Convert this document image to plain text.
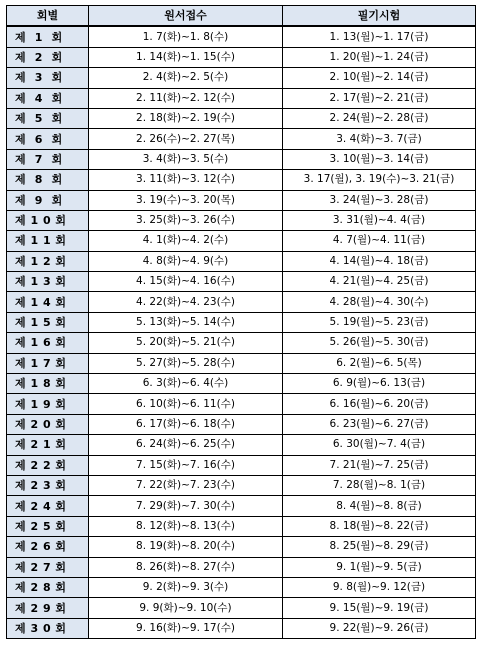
회별	원서접수	필기시험
제  1  회	1. 7(화)~1. 8(수)	1. 13(월)~1. 17(금)
제  2  회	1. 14(화)~1. 15(수)	1. 20(월)~1. 24(금)
제  3  회	2. 4(화)~2. 5(수)	2. 10(월)~2. 14(금)
제  4  회	2. 11(화)~2. 12(수)	2. 17(월)~2. 21(금)
제  5  회	2. 18(화)~2. 19(수)	2. 24(월)~2. 28(금)
제  6  회	2. 26(수)~2. 27(목)	3. 4(화)~3. 7(금)
제  7  회	3. 4(화)~3. 5(수)	3. 10(월)~3. 14(금)
제  8  회	3. 11(화)~3. 12(수)	3. 17(월), 3. 19(수)~3. 21(금)
제  9  회	3. 19(수)~3. 20(목)	3. 24(월)~3. 28(금)
제 1 0 회	3. 25(화)~3. 26(수)	3. 31(월)~4. 4(금)
제 1 1 회	4. 1(화)~4. 2(수)	4. 7(월)~4. 11(금)
제 1 2 회	4. 8(화)~4. 9(수)	4. 14(월)~4. 18(금)
제 1 3 회	4. 15(화)~4. 16(수)	4. 21(월)~4. 25(금)
제 1 4 회	4. 22(화)~4. 23(수)	4. 28(월)~4. 30(수)
제 1 5 회	5. 13(화)~5. 14(수)	5. 19(월)~5. 23(금)
제 1 6 회	5. 20(화)~5. 21(수)	5. 26(월)~5. 30(금)
제 1 7 회	5. 27(화)~5. 28(수)	6. 2(월)~6. 5(목)
제 1 8 회	6. 3(화)~6. 4(수)	6. 9(월)~6. 13(금)
제 1 9 회	6. 10(화)~6. 11(수)	6. 16(월)~6. 20(금)
제 2 0 회	6. 17(화)~6. 18(수)	6. 23(월)~6. 27(금)
제 2 1 회	6. 24(화)~6. 25(수)	6. 30(월)~7. 4(금)
제 2 2 회	7. 15(화)~7. 16(수)	7. 21(월)~7. 25(금)
제 2 3 회	7. 22(화)~7. 23(수)	7. 28(월)~8. 1(금)
제 2 4 회	7. 29(화)~7. 30(수)	8. 4(월)~8. 8(금)
제 2 5 회	8. 12(화)~8. 13(수)	8. 18(월)~8. 22(금)
제 2 6 회	8. 19(화)~8. 20(수)	8. 25(월)~8. 29(금)
제 2 7 회	8. 26(화)~8. 27(수)	9. 1(월)~9. 5(금)
제 2 8 회	9. 2(화)~9. 3(수)	9. 8(월)~9. 12(금)
제 2 9 회	9. 9(화)~9. 10(수)	9. 15(월)~9. 19(금)
제 3 0 회	9. 16(화)~9. 17(수)	9. 22(월)~9. 26(금)
